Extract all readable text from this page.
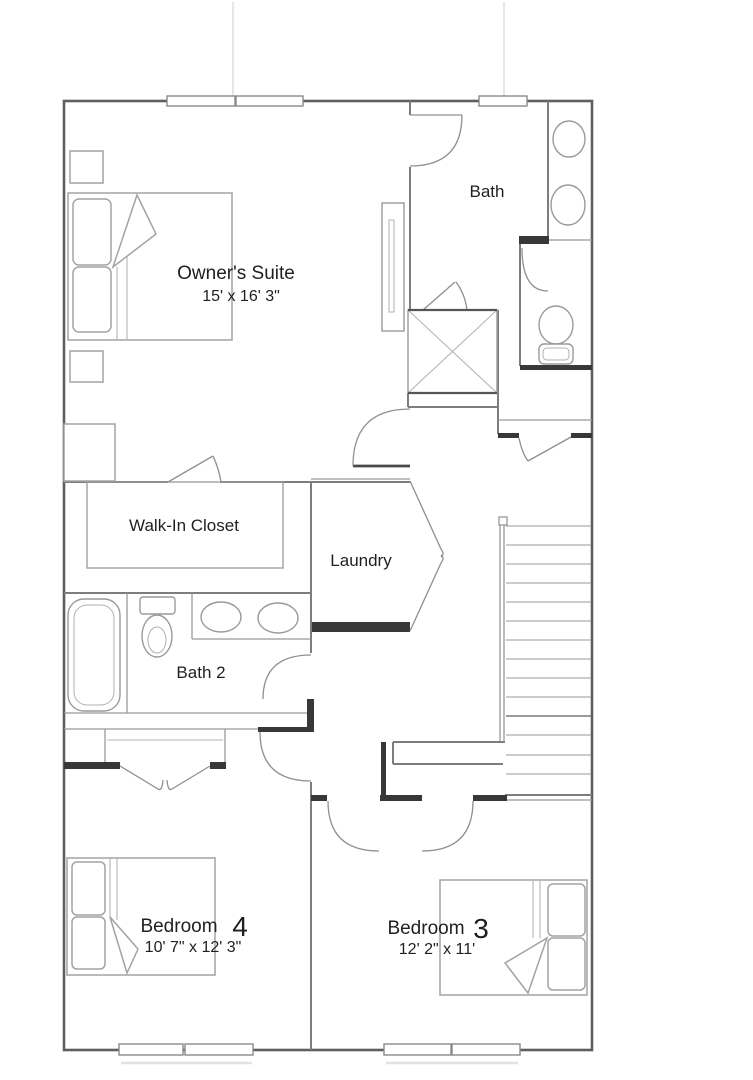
Owner's Suite
15' x 16' 3"
Bath
Walk-In Closet
Laundry
Bath 2
Bedroom 4
10' 7" x 12' 3"
Bedroom 3
12' 2" x 11'
